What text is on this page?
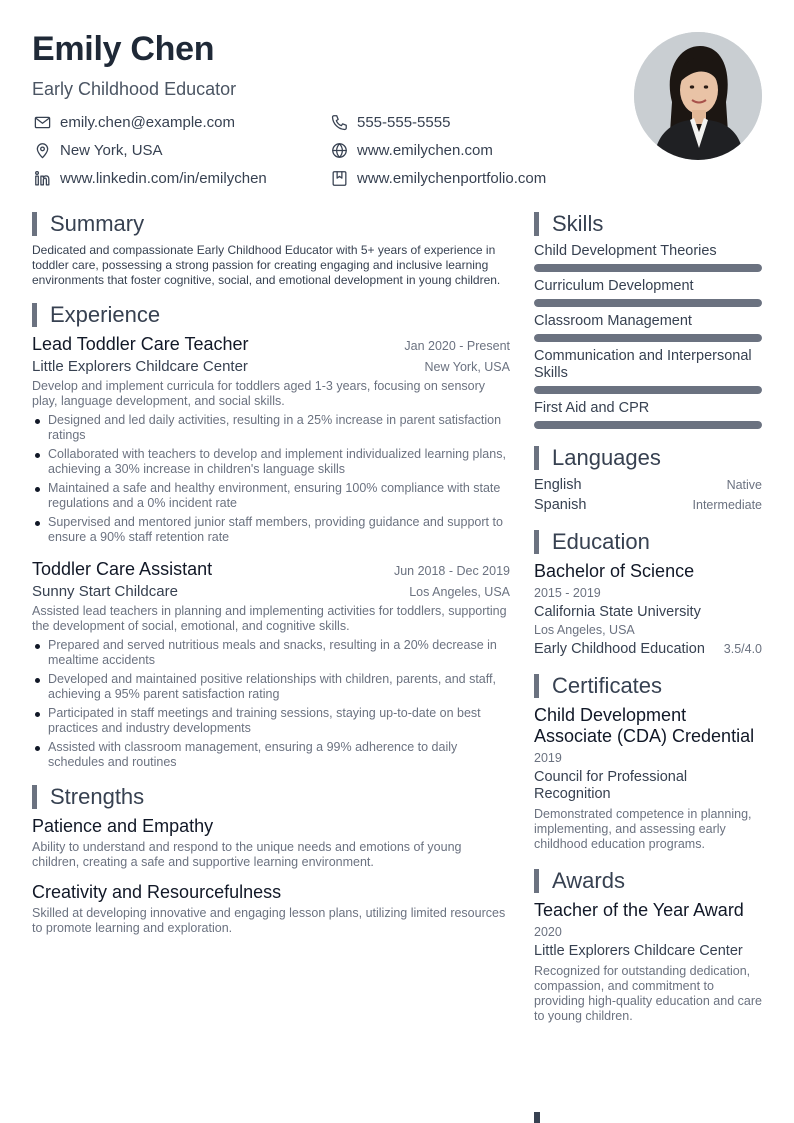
Emily Chen
Early Childhood Educator
emily.chen@example.com	555-555-5555
New York, USA	www.emilychen.com
www.linkedin.com/in/emilychen	www.emilychenportfolio.com
Summary

Dedicated and compassionate Early Childhood Educator with 5+ years of experience in toddler care, possessing a strong passion for creating engaging and inclusive learning environments that foster cognitive, social, and emotional development in young children.

Experience
Lead Toddler Care Teacher	Jan 2020 - Present
Little Explorers Childcare Center	New York, USA

Develop and implement curricula for toddlers aged 1-3 years, focusing on sensory play, language development, and social skills.

Designed and led daily activities, resulting in a 25% increase in parent satisfaction ratings
Collaborated with teachers to develop and implement individualized learning plans, achieving a 30% increase in children's language skills
Maintained a safe and healthy environment, ensuring 100% compliance with state regulations and a 0% incident rate
Supervised and mentored junior staff members, providing guidance and support to ensure a 90% staff retention rate
Toddler Care Assistant	Jun 2018 - Dec 2019
Sunny Start Childcare	Los Angeles, USA

Assisted lead teachers in planning and implementing activities for toddlers, supporting the development of social, emotional, and cognitive skills.

Prepared and served nutritious meals and snacks, resulting in a 20% decrease in mealtime accidents
Developed and maintained positive relationships with children, parents, and staff, achieving a 95% parent satisfaction rating
Participated in staff meetings and training sessions, staying up-to-date on best practices and industry developments
Assisted with classroom management, ensuring a 99% adherence to daily schedules and routines
Strengths
Patience and Empathy

Ability to understand and respond to the unique needs and emotions of young children, creating a safe and supportive learning environment.

Creativity and Resourcefulness

Skilled at developing innovative and engaging lesson plans, utilizing limited resources to promote learning and exploration.

Skills
Child Development Theories
Curriculum Development
Classroom Management
Communication and Interpersonal Skills
First Aid and CPR
Languages
English	Native
Spanish	Intermediate
Education
Bachelor of Science
2015 - 2019
California State University
Los Angeles, USA
Early Childhood Education 3.5/4.0
Certificates
Child Development Associate (CDA) Credential
2019
Council for Professional Recognition

Demonstrated competence in planning, implementing, and assessing early childhood education programs.

Awards
Teacher of the Year Award
2020
Little Explorers Childcare Center

Recognized for outstanding dedication, compassion, and commitment to providing high-quality education and care to young children.
